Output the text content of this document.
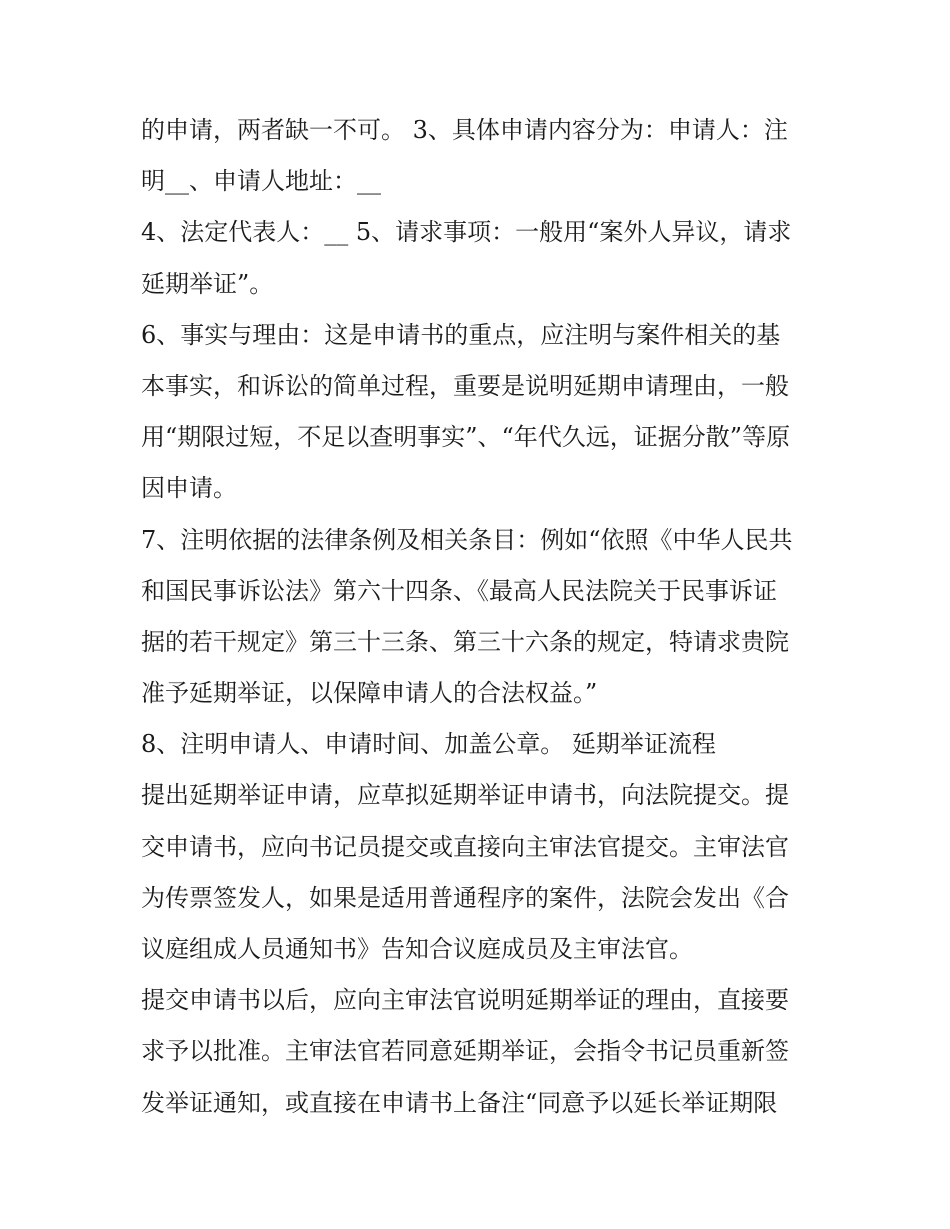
的申请，两者缺一不可。 3、具体申请内容分为：申请人：注
明__、申请人地址：__
4、法定代表人：__ 5、请求事项：一般用“案外人异议，请求
延期举证”。
6、事实与理由：这是申请书的重点，应注明与案件相关的基
本事实，和诉讼的简单过程，重要是说明延期申请理由，一般
用“期限过短，不足以查明事实”、“年代久远，证据分散”等原
因申请。
7、注明依据的法律条例及相关条目：例如“依照《中华人民共
和国民事诉讼法》第六十四条、《最高人民法院关于民事诉证
据的若干规定》第三十三条、第三十六条的规定，特请求贵院
准予延期举证，以保障申请人的合法权益。”
8、注明申请人、申请时间、加盖公章。 延期举证流程
提出延期举证申请，应草拟延期举证申请书，向法院提交。提
交申请书，应向书记员提交或直接向主审法官提交。主审法官
为传票签发人，如果是适用普通程序的案件，法院会发出《合
议庭组成人员通知书》告知合议庭成员及主审法官。
提交申请书以后，应向主审法官说明延期举证的理由，直接要
求予以批准。主审法官若同意延期举证，会指令书记员重新签
发举证通知，或直接在申请书上备注“同意予以延长举证期限
